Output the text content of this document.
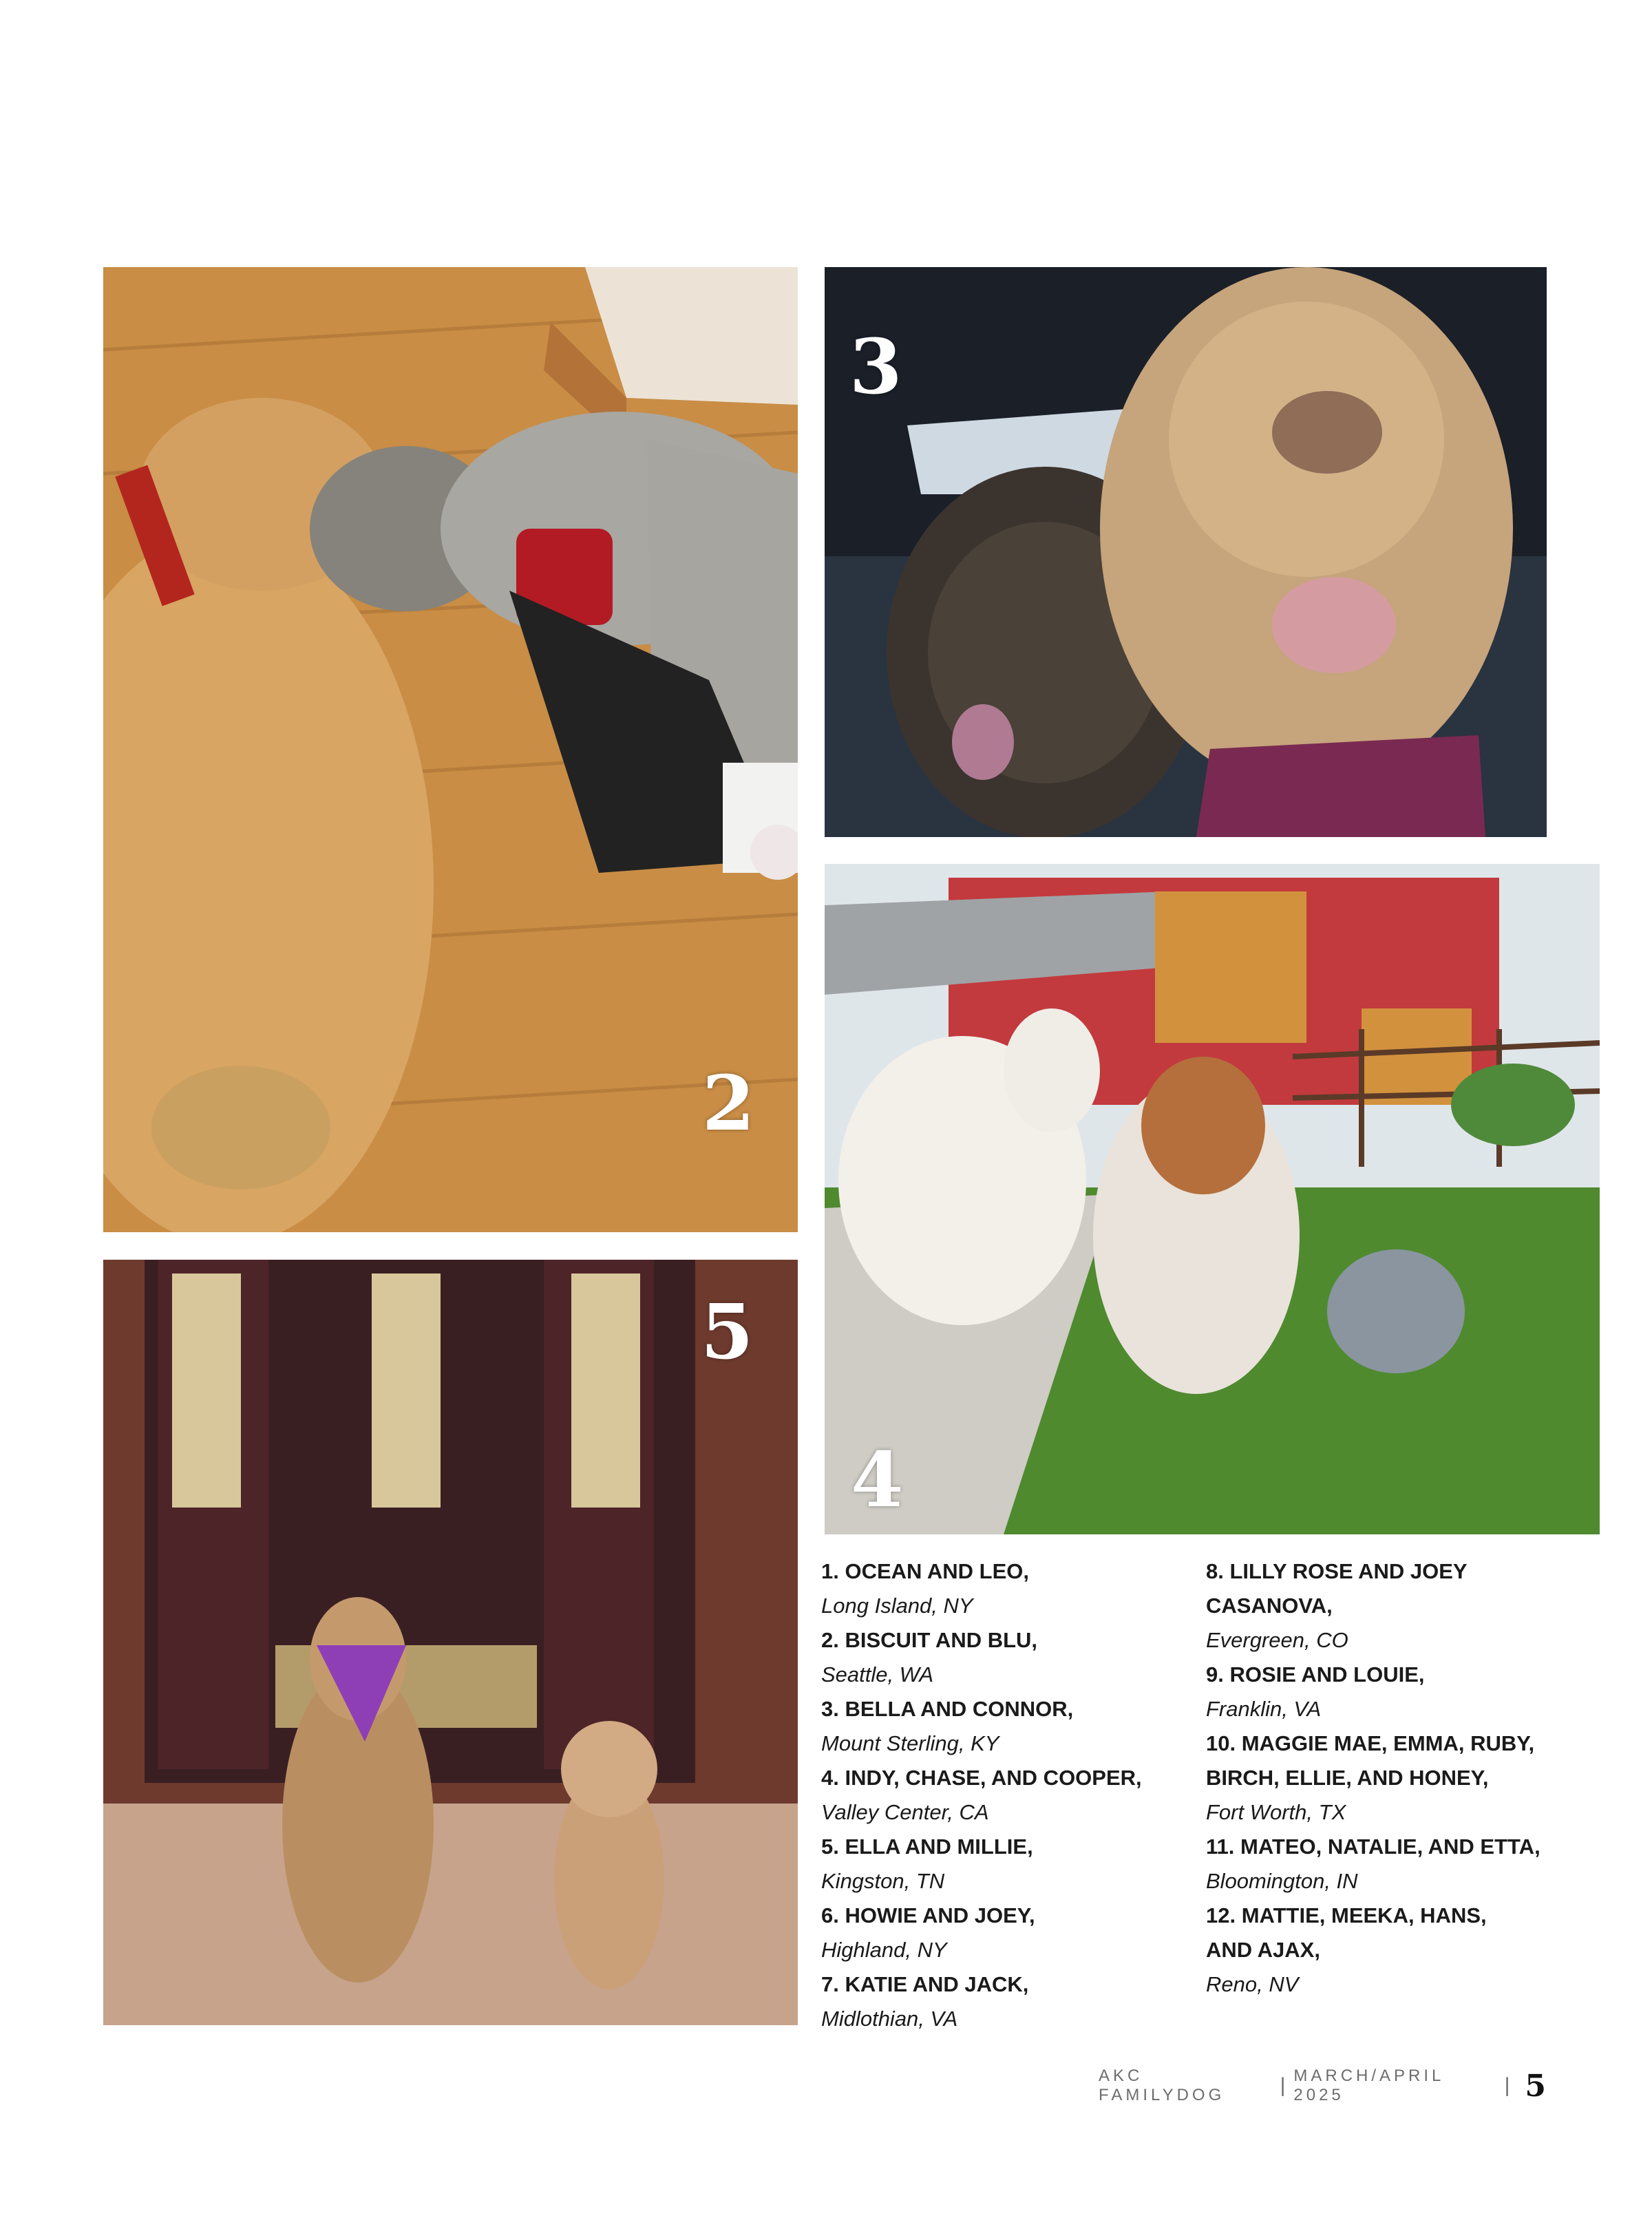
2
3
4
5
1. OCEAN AND LEO,
Long Island, NY
2. BISCUIT AND BLU,
Seattle, WA
3. BELLA AND CONNOR,
Mount Sterling, KY
4. INDY, CHASE, AND COOPER,
Valley Center, CA
5. ELLA AND MILLIE,
Kingston, TN
6. HOWIE AND JOEY,
Highland, NY
7. KATIE AND JACK,
Midlothian, VA
8. LILLY ROSE AND JOEY
CASANOVA,
Evergreen, CO
9. ROSIE AND LOUIE,
Franklin, VA
10. MAGGIE MAE, EMMA, RUBY,
BIRCH, ELLIE, AND HONEY,
Fort Worth, TX
11. MATEO, NATALIE, AND ETTA,
Bloomington, IN
12. MATTIE, MEEKA, HANS,
AND AJAX,
Reno, NV
AKC FAMILYDOG	| MARCH/APRIL 2025	| 5
